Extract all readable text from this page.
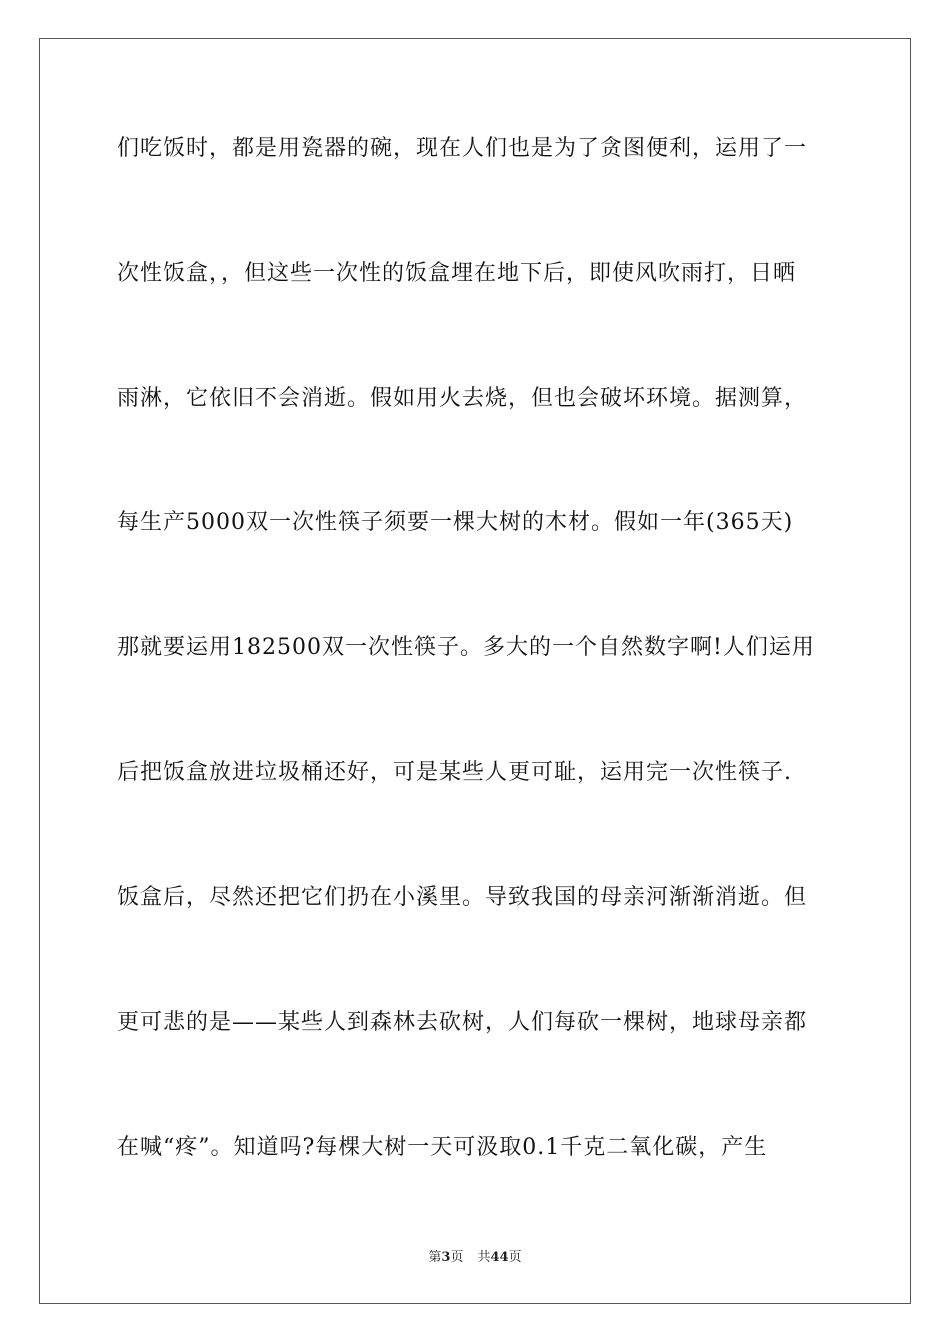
们吃饭时，都是用瓷器的碗，现在人们也是为了贪图便利，运用了一
次性饭盒，，但这些一次性的饭盒埋在地下后，即使风吹雨打，日晒
雨淋，它依旧不会消逝。假如用火去烧，但也会破坏环境。据测算，
每生产5000双一次性筷子须要一棵大树的木材。假如一年(365天)
那就要运用182500双一次性筷子。多大的一个自然数字啊!人们运用
后把饭盒放进垃圾桶还好，可是某些人更可耻，运用完一次性筷子.
饭盒后，尽然还把它们扔在小溪里。导致我国的母亲河渐渐消逝。但
更可悲的是——某些人到森林去砍树，人们每砍一棵树，地球母亲都
在喊“疼”。知道吗?每棵大树一天可汲取0.1千克二氧化碳，产生
第3页 共44页
